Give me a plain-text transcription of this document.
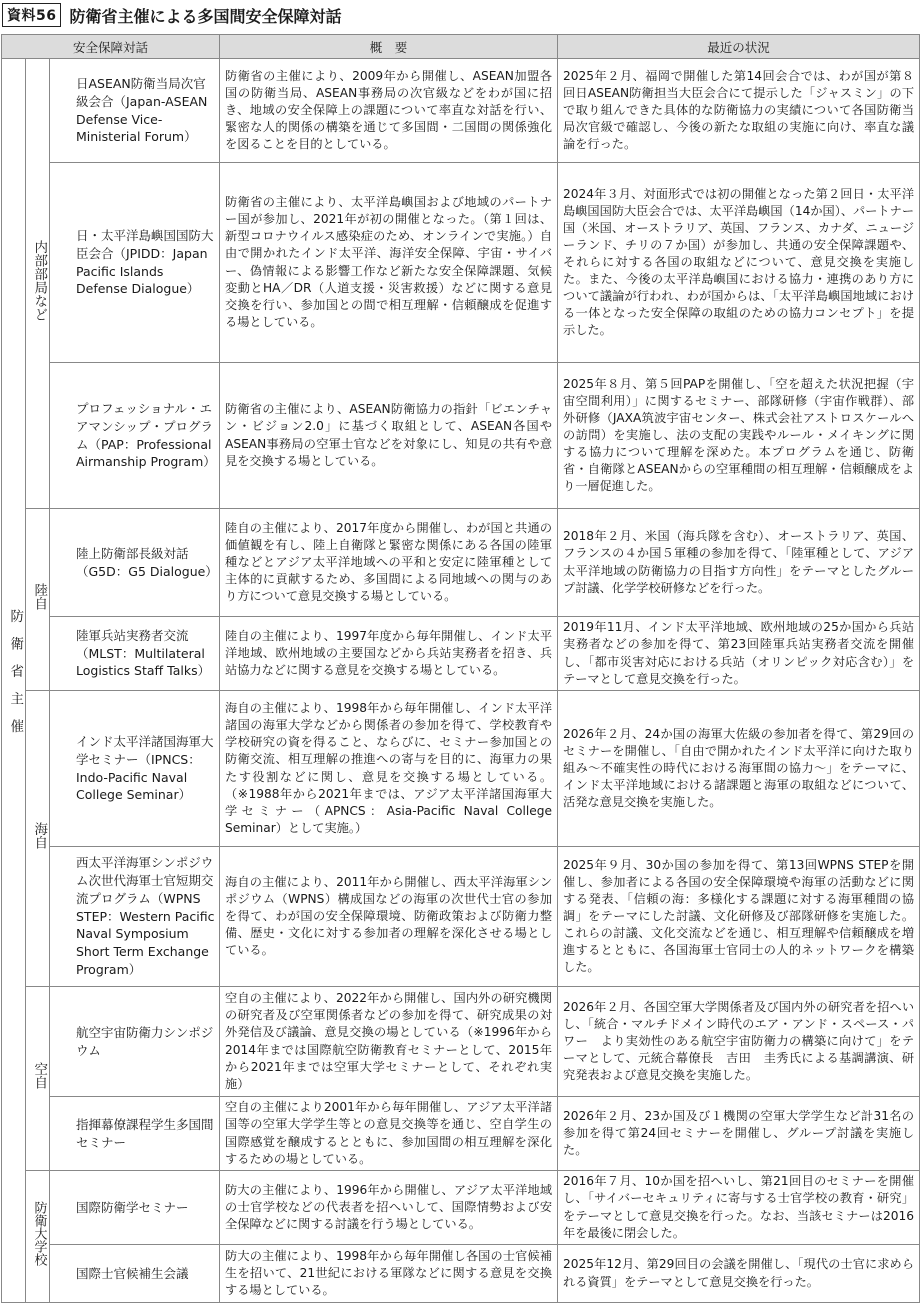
資料56 防衛省主催による多国間安全保障対話
安全保障対話			概　要	最近の状況
防衛省主催	内部部局など	日ASEAN防衛当局次官級会合（Japan-ASEAN Defense Vice-Ministerial Forum）	防衛省の主催により、2009年から開催し、ASEAN加盟各国の防衛当局、ASEAN事務局の次官級などをわが国に招き、地域の安全保障上の課題について率直な対話を行い、緊密な人的関係の構築を通じて多国間・二国間の関係強化を図ることを目的としている。	2025年２月、福岡で開催した第14回会合では、わが国が第８回日ASEAN防衛担当大臣会合にて提示した「ジャスミン」の下で取り組んできた具体的な防衛協力の実績について各国防衛当局次官級で確認し、今後の新たな取組の実施に向け、率直な議論を行った。
		日・太平洋島嶼国国防大臣会合（JPIDD：Japan Pacific Islands Defense Dialogue）	防衛省の主催により、太平洋島嶼国および地域のパートナー国が参加し、2021年が初の開催となった。（第１回は、新型コロナウイルス感染症のため、オンラインで実施。）自由で開かれたインド太平洋、海洋安全保障、宇宙・サイバー、偽情報による影響工作など新たな安全保障課題、気候変動とHA／DR（人道支援・災害救援）などに関する意見交換を行い、参加国との間で相互理解・信頼醸成を促進する場としている。	2024年３月、対面形式では初の開催となった第２回日・太平洋島嶼国国防大臣会合では、太平洋島嶼国（14か国）、パートナー国（米国、オーストラリア、英国、フランス、カナダ、ニュージーランド、チリの７か国）が参加し、共通の安全保障課題や、それらに対する各国の取組などについて、意見交換を実施した。また、今後の太平洋島嶼国における協力・連携のあり方について議論が行われ、わが国からは、「太平洋島嶼国地域における一体となった安全保障の取組のための協力コンセプト」を提示した。
		プロフェッショナル・エアマンシップ・プログラム（PAP：Professional Airmanship Program）	防衛省の主催により、ASEAN防衛協力の指針「ビエンチャン・ビジョン2.0」に基づく取組として、ASEAN各国やASEAN事務局の空軍士官などを対象にし、知見の共有や意見を交換する場としている。	2025年８月、第５回PAPを開催し、「空を超えた状況把握（宇宙空間利用）」に関するセミナー、部隊研修（宇宙作戦群）、部外研修（JAXA筑波宇宙センター、株式会社アストロスケールへの訪問）を実施し、法の支配の実践やルール・メイキングに関する協力について理解を深めた。本プログラムを通じ、防衛省・自衛隊とASEANからの空軍種間の相互理解・信頼醸成をより一層促進した。
	陸自	陸上防衛部長級対話（G5D：G5 Dialogue）	陸自の主催により、2017年度から開催し、わが国と共通の価値観を有し、陸上自衛隊と緊密な関係にある各国の陸軍種などとアジア太平洋地域への平和と安定に陸軍種として主体的に貢献するため、多国間による同地域への関与のあり方について意見交換する場としている。	2018年２月、米国（海兵隊を含む）、オーストラリア、英国、フランスの４か国５軍種の参加を得て、「陸軍種として、アジア太平洋地域の防衛協力の目指す方向性」をテーマとしたグループ討議、化学学校研修などを行った。
		陸軍兵站実務者交流（MLST：Multilateral Logistics Staff Talks）	陸自の主催により、1997年度から毎年開催し、インド太平洋地域、欧州地域の主要国などから兵站実務者を招き、兵站協力などに関する意見を交換する場としている。	2019年11月、インド太平洋地域、欧州地域の25か国から兵站実務者などの参加を得て、第23回陸軍兵站実務者交流を開催し、「都市災害対応における兵站（オリンピック対応含む）」をテーマとして意見交換を行った。
	海自	インド太平洋諸国海軍大学セミナー（IPNCS：Indo-Pacific Naval College Seminar）	海自の主催により、1998年から毎年開催し、インド太平洋諸国の海軍大学などから関係者の参加を得て、学校教育や学校研究の資を得ること、ならびに、セミナー参加国との防衛交流、相互理解の推進への寄与を目的に、海軍力の果たす役割などに関し、意見を交換する場としている。（※1988年から2021年までは、アジア太平洋諸国海軍大学セミナー（APNCS：Asia-Pacific Naval College Seminar）として実施。）	2026年２月、24か国の海軍大佐級の参加者を得て、第29回のセミナーを開催し、「自由で開かれたインド太平洋に向けた取り組み～不確実性の時代における海軍間の協力～」をテーマに、インド太平洋地域における諸課題と海軍の取組などについて、活発な意見交換を実施した。
		西太平洋海軍シンポジウム次世代海軍士官短期交流プログラム（WPNS STEP：Western Pacific Naval Symposium Short Term Exchange Program）	海自の主催により、2011年から開催し、西太平洋海軍シンポジウム（WPNS）構成国などの海軍の次世代士官の参加を得て、わが国の安全保障環境、防衛政策および防衛力整備、歴史・文化に対する参加者の理解を深化させる場としている。	2025年９月、30か国の参加を得て、第13回WPNS STEPを開催し、参加者による各国の安全保障環境や海軍の活動などに関する発表、「信頼の海：多様化する課題に対する海軍種間の協調」をテーマにした討議、文化研修及び部隊研修を実施した。これらの討議、文化交流などを通じ、相互理解や信頼醸成を増進するとともに、各国海軍士官同士の人的ネットワークを構築した。
	空自	航空宇宙防衛力シンポジウム	空自の主催により、2022年から開催し、国内外の研究機関の研究者及び空軍関係者などの参加を得て、研究成果の対外発信及び議論、意見交換の場としている（※1996年から2014年までは国際航空防衛教育セミナーとして、2015年から2021年までは空軍大学セミナーとして、それぞれ実施）	2026年２月、各国空軍大学関係者及び国内外の研究者を招へいし、「統合・マルチドメイン時代のエア・アンド・スペース・パワー　より実効性のある航空宇宙防衛力の構築に向けて」をテーマとして、元統合幕僚長　吉田　圭秀氏による基調講演、研究発表および意見交換を実施した。
		指揮幕僚課程学生多国間セミナー	空自の主催により2001年から毎年開催し、アジア太平洋諸国等の空軍大学学生等との意見交換等を通じ、空自学生の国際感覚を醸成するとともに、参加国間の相互理解を深化するための場としている。	2026年２月、23か国及び１機関の空軍大学学生など計31名の参加を得て第24回セミナーを開催し、グループ討議を実施した。
	防衛大学校	国際防衛学セミナー	防大の主催により、1996年から開催し、アジア太平洋地域の士官学校などの代表者を招へいして、国際情勢および安全保障などに関する討議を行う場としている。	2016年７月、10か国を招へいし、第21回目のセミナーを開催し、「サイバーセキュリティに寄与する士官学校の教育・研究」をテーマとして意見交換を行った。なお、当該セミナーは2016年を最後に閉会した。
		国際士官候補生会議	防大の主催により、1998年から毎年開催し各国の士官候補生を招いて、21世紀における軍隊などに関する意見を交換する場としている。	2025年12月、第29回目の会議を開催し、「現代の士官に求められる資質」をテーマとして意見交換を行った。
